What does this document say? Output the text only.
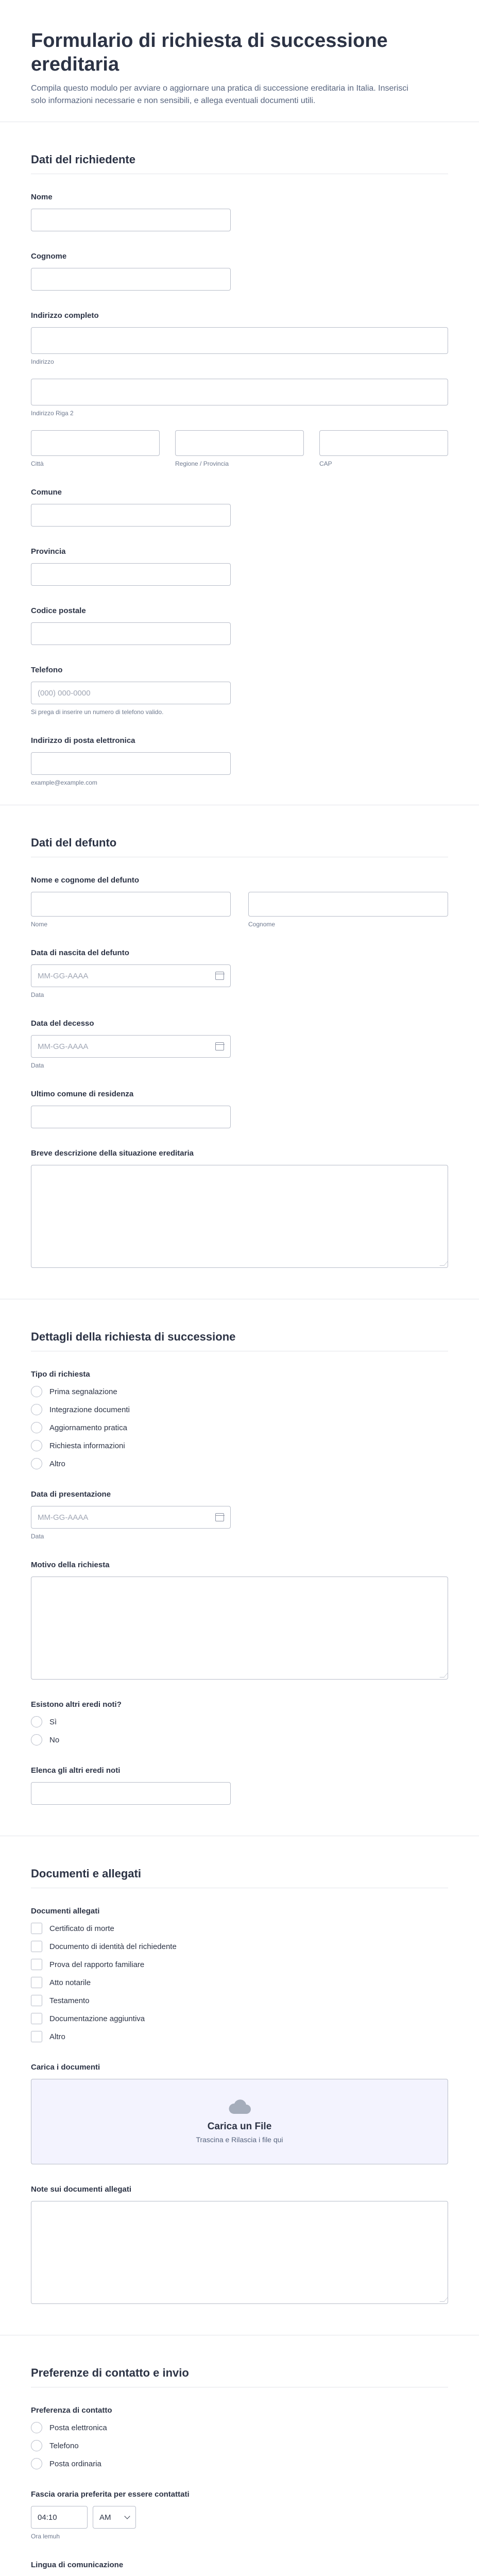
Formulario di richiesta di successione ereditaria

Compila questo modulo per avviare o aggiornare una pratica di successione ereditaria in Italia. Inserisci solo informazioni necessarie e non sensibili, e allega eventuali documenti utili.

Dati del richiedente
Nome
Cognome
Indirizzo completo
Indirizzo
Indirizzo Riga 2
Città	Regione / Provincia	CAP
Comune
Provincia
Codice postale
Telefono
(000) 000-0000
Si prega di inserire un numero di telefono valido.
Indirizzo di posta elettronica
example@example.com
Dati del defunto
Nome e cognome del defunto
Nome	Cognome
Data di nascita del defunto
MM-GG-AAAA
Data
Data del decesso
MM-GG-AAAA
Data
Ultimo comune di residenza
Breve descrizione della situazione ereditaria
Dettagli della richiesta di successione
Tipo di richiesta
Prima segnalazione
Integrazione documenti
Aggiornamento pratica
Richiesta informazioni
Altro
Data di presentazione
MM-GG-AAAA
Data
Motivo della richiesta
Esistono altri eredi noti?
Sì
No
Elenca gli altri eredi noti
Documenti e allegati
Documenti allegati
Certificato di morte
Documento di identità del richiedente
Prova del rapporto familiare
Atto notarile
Testamento
Documentazione aggiuntiva
Altro
Carica i documenti
Carica un File
Trascina e Rilascia i file qui
Note sui documenti allegati
Preferenze di contatto e invio
Preferenza di contatto
Posta elettronica
Telefono
Posta ordinaria
Fascia oraria preferita per essere contattati
04:10	AM
Ora lemuh
Lingua di comunicazione
